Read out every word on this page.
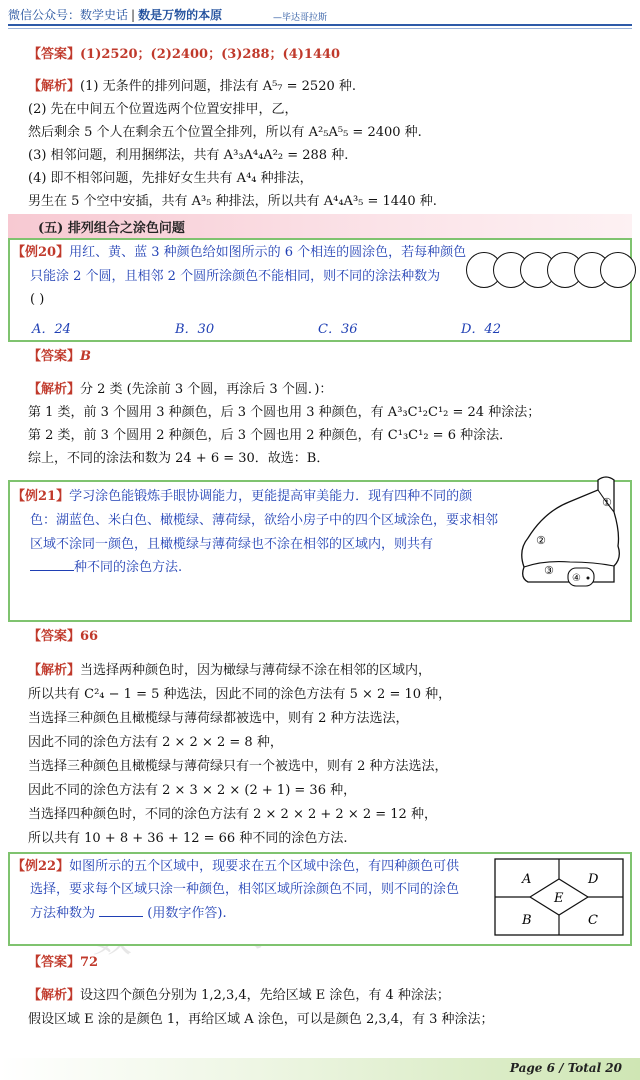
微信公众号：数学史话 | 数是万物的本原	—毕达哥拉斯
【答案】(1)2520；(2)2400；(3)288；(4)1440
【解析】(1) 无条件的排列问题，排法有 A⁵₇ = 2520 种.
(2) 先在中间五个位置选两个位置安排甲，乙，
然后剩余 5 个人在剩余五个位置全排列，所以有 A²₅A⁵₅ = 2400 种.
(3) 相邻问题，利用捆绑法，共有 A³₃A⁴₄A²₂ = 288 种.
(4) 即不相邻问题，先排好女生共有 A⁴₄ 种排法，
男生在 5 个空中安插，共有 A³₅ 种排法，所以共有 A⁴₄A³₅ = 1440 种.
(五) 排列组合之涂色问题
【例20】用红、黄、蓝 3 种颜色给如图所示的 6 个相连的圆涂色，若每种颜色
只能涂 2 个圆，且相邻 2 个圆所涂颜色不能相同，则不同的涂法种数为
( )
A．24	B．30	C．36	D．42
【答案】B
【解析】分 2 类 (先涂前 3 个圆，再涂后 3 个圆．)：
第 1 类，前 3 个圆用 3 种颜色，后 3 个圆也用 3 种颜色，有 A³₃C¹₂C¹₂ = 24 种涂法；
第 2 类，前 3 个圆用 2 种颜色，后 3 个圆也用 2 种颜色，有 C¹₃C¹₂ = 6 种涂法．
综上，不同的涂法和数为 24 + 6 = 30．故选：B．
【例21】学习涂色能锻炼手眼协调能力，更能提高审美能力．现有四种不同的颜
色：湖蓝色、米白色、橄榄绿、薄荷绿，欲给小房子中的四个区域涂色，要求相邻
区域不涂同一颜色，且橄榄绿与薄荷绿也不涂在相邻的区域内，则共有
种不同的涂色方法.
①
②
③
④
【答案】66
【解析】当选择两种颜色时，因为橄绿与薄荷绿不涂在相邻的区域内，
所以共有 C²₄ − 1 = 5 种选法，因此不同的涂色方法有 5 × 2 = 10 种，
当选择三种颜色且橄榄绿与薄荷绿都被选中，则有 2 种方法选法，
因此不同的涂色方法有 2 × 2 × 2 = 8 种，
当选择三种颜色且橄榄绿与薄荷绿只有一个被选中，则有 2 种方法选法，
因此不同的涂色方法有 2 × 3 × 2 × (2 + 1) = 36 种，
当选择四种颜色时，不同的涂色方法有 2 × 2 × 2 + 2 × 2 = 12 种，
所以共有 10 + 8 + 36 + 12 = 66 种不同的涂色方法.
【例22】如图所示的五个区域中，现要求在五个区域中涂色，有四种颜色可供
选择，要求每个区域只涂一种颜色，相邻区域所涂颜色不同，则不同的涂色
方法种数为	(用数字作答).
A	D
E
B	C
【答案】72
【解析】设这四个颜色分别为 1,2,3,4，先给区域 E 涂色，有 4 种涂法；
假设区域 E 涂的是颜色 1，再给区域 A 涂色，可以是颜色 2,3,4，有 3 种涂法；
Page 6 / Total 20
